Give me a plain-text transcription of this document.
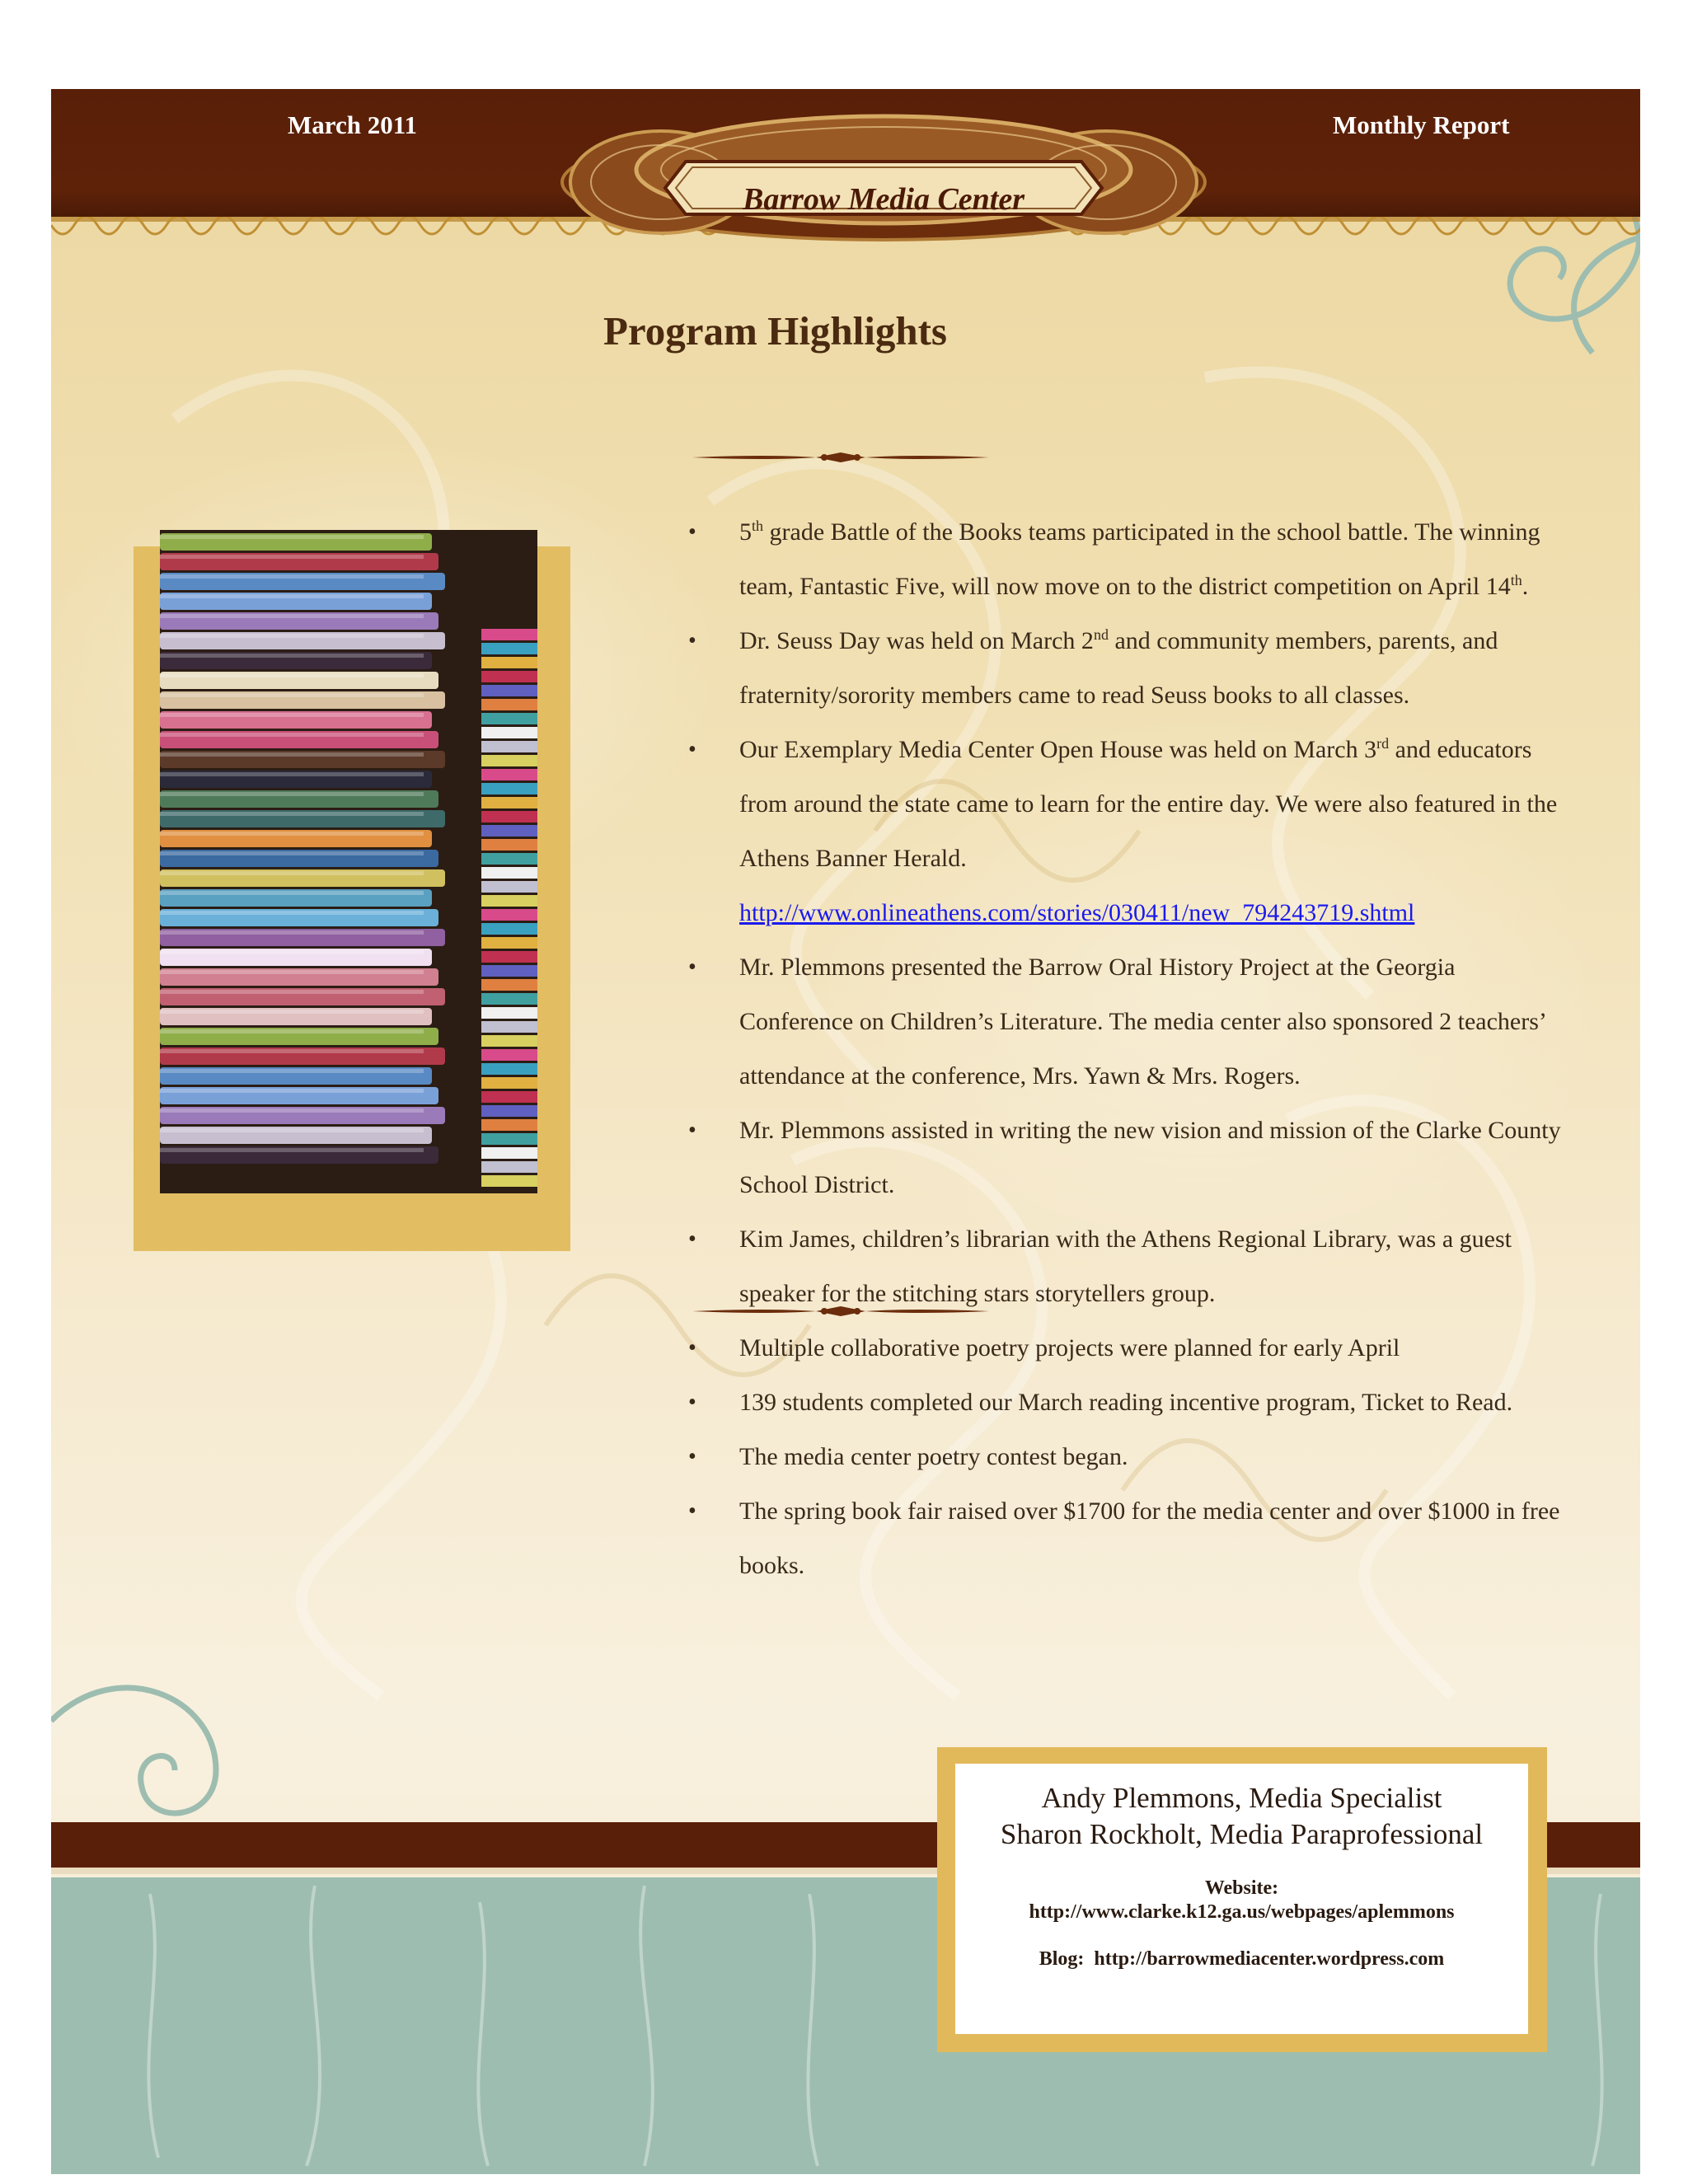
March 2011	Monthly Report
Barrow Media Center
Program Highlights
• 5th grade Battle of the Books teams participated in the school battle. The winning
team, Fantastic Five, will now move on to the district competition on April 14th.
• Dr. Seuss Day was held on March 2nd and community members, parents, and
fraternity/sorority members came to read Seuss books to all classes.
• Our Exemplary Media Center Open House was held on March 3rd and educators
from around the state came to learn for the entire day. We were also featured in the
Athens Banner Herald.
http://www.onlineathens.com/stories/030411/new_794243719.shtml
• Mr. Plemmons presented the Barrow Oral History Project at the Georgia
Conference on Children’s Literature. The media center also sponsored 2 teachers’
attendance at the conference, Mrs. Yawn & Mrs. Rogers.
• Mr. Plemmons assisted in writing the new vision and mission of the Clarke County
School District.
• Kim James, children’s librarian with the Athens Regional Library, was a guest
speaker for the stitching stars storytellers group.
• Multiple collaborative poetry projects were planned for early April
• 139 students completed our March reading incentive program, Ticket to Read.
• The media center poetry contest began.
• The spring book fair raised over $1700 for the media center and over $1000 in free
books.
Andy Plemmons, Media Specialist
Sharon Rockholt, Media Paraprofessional
Website:
http://www.clarke.k12.ga.us/webpages/aplemmons
Blog: http://barrowmediacenter.wordpress.com
